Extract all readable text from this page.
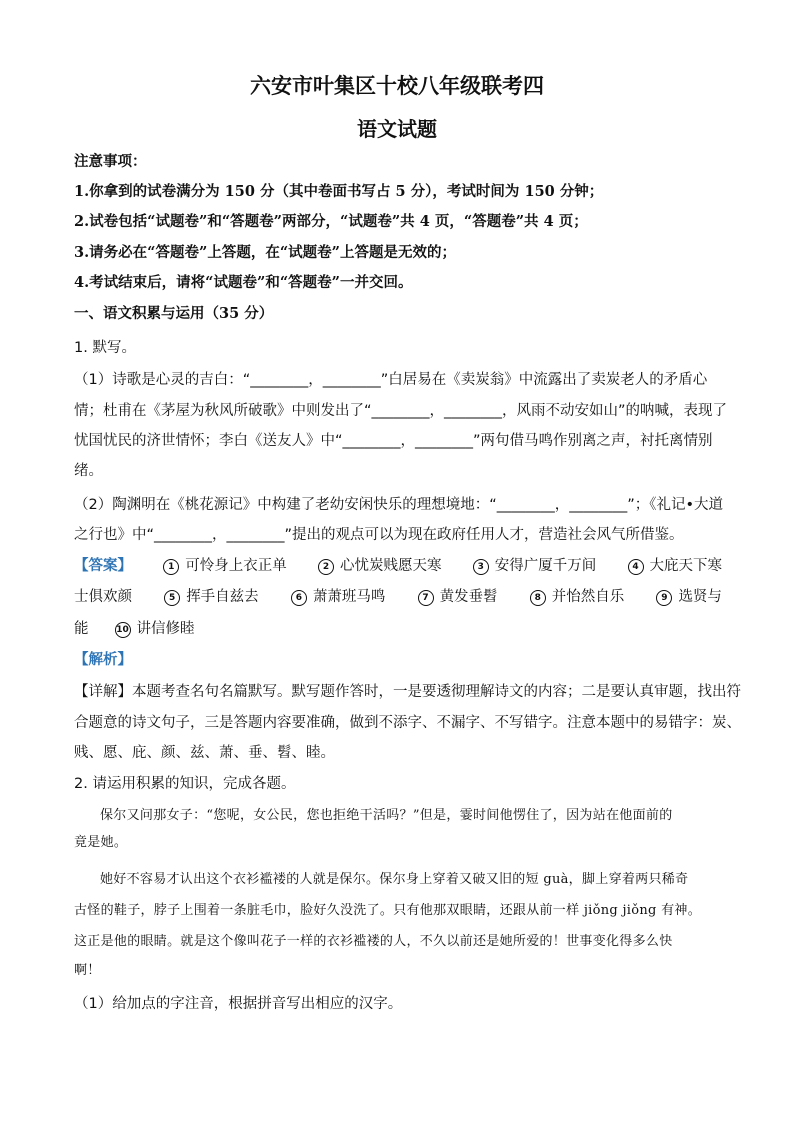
六安市叶集区十校八年级联考四
语文试题
注意事项：
1.你拿到的试卷满分为 150 分（其中卷面书写占 5 分），考试时间为 150 分钟；
2.试卷包括“试题卷”和“答题卷”两部分，“试题卷”共 4 页，“答题卷”共 4 页；
3.请务必在“答题卷”上答题，在“试题卷”上答题是无效的；
4.考试结束后，请将“试题卷”和“答题卷”一并交回。
一、语文积累与运用（35 分）
1. 默写。
（1）诗歌是心灵的吉白：“________，________”白居易在《卖炭翁》中流露出了卖炭老人的矛盾心
情；杜甫在《茅屋为秋风所破歌》中则发出了“________，________，风雨不动安如山”的呐喊，表现了
忧国忧民的济世情怀；李白《送友人》中“________，________”两句借马鸣作别离之声，衬托离情别
绪。
（2）陶渊明在《桃花源记》中构建了老幼安闲快乐的理想境地：“________，________”；《礼记•大道
之行也》中“________，________”提出的观点可以为现在政府任用人才，营造社会风气所借鉴。
【答案】	1 可怜身上衣正单	2 心忧炭贱愿天寒	3 安得广厦千万间	4 大庇天下寒
士俱欢颜	5 挥手自兹去	6 萧萧班马鸣	7 黄发垂髫	8 并怡然自乐	9 选贤与
能	10 讲信修睦
【解析】
【详解】本题考查名句名篇默写。默写题作答时，一是要透彻理解诗文的内容；二是要认真审题，找出符
合题意的诗文句子，三是答题内容要准确，做到不添字、不漏字、不写错字。注意本题中的易错字：炭、
贱、愿、庇、颜、兹、萧、垂、髫、睦。
2. 请运用积累的知识，完成各题。
保尔又问那女子：“您呢，女公民，您也拒绝干活吗？”但是，霎时间他愣住了，因为站在他面前的
竟是她。
她好不容易才认出这个衣衫褴褛的人就是保尔。保尔身上穿着又破又旧的短 guà，脚上穿着两只稀奇
古怪的鞋子，脖子上围着一条脏毛巾，脸好久没洗了。只有他那双眼睛，还跟从前一样 jiǒng jiǒng 有神。
这正是他的眼睛。就是这个像叫花子一样的衣衫褴褛的人，不久以前还是她所爱的！世事变化得多么快
啊！
（1）给加点的字注音，根据拼音写出相应的汉字。
